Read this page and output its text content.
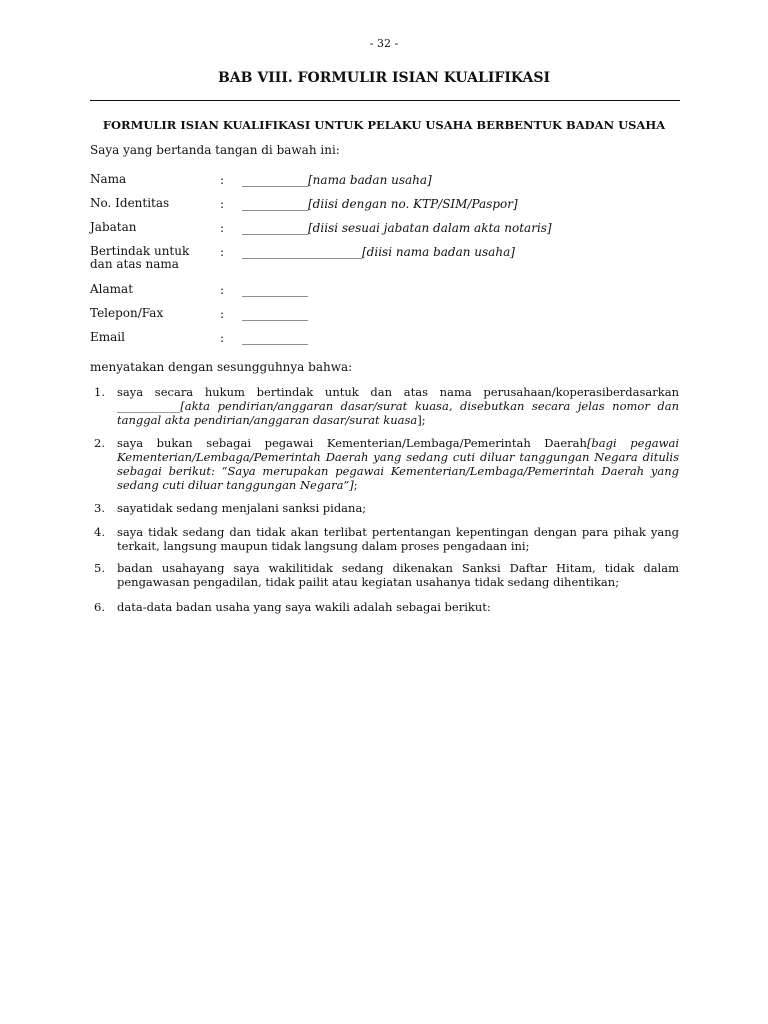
- 32 -
BAB VIII. FORMULIR ISIAN KUALIFIKASI
FORMULIR ISIAN KUALIFIKASI UNTUK PELAKU USAHA BERBENTUK BADAN USAHA
Saya yang bertanda tangan di bawah ini:
Nama	: ___________[nama badan usaha]
No. Identitas	: ___________[diisi dengan no. KTP/SIM/Paspor]
Jabatan	: ___________[diisi sesuai jabatan dalam akta notaris]
Bertindak untuk dan atas nama
: ____________________[diisi nama badan usaha]
Alamat	: ___________
Telepon/Fax	: ___________
Email	: ___________
menyatakan dengan sesungguhnya bahwa:
1. saya secara hukum bertindak untuk dan atas nama perusahaan/koperasiberdasarkan ___________[akta pendirian/anggaran dasar/surat kuasa, disebutkan secara jelas nomor dan tanggal akta pendirian/anggaran dasar/surat kuasa];
2. saya bukan sebagai pegawai Kementerian/Lembaga/Pemerintah Daerah[bagi pegawai Kementerian/Lembaga/Pemerintah Daerah yang sedang cuti diluar tanggungan Negara ditulis sebagai berikut: “Saya merupakan pegawai Kementerian/Lembaga/Pemerintah Daerah yang sedang cuti diluar tanggungan Negara”];
3. sayatidak sedang menjalani sanksi pidana;
4. saya tidak sedang dan tidak akan terlibat pertentangan kepentingan dengan para pihak yang terkait, langsung maupun tidak langsung dalam proses pengadaan ini;
5. badan usahayang saya wakilitidak sedang dikenakan Sanksi Daftar Hitam, tidak dalam pengawasan pengadilan, tidak pailit atau kegiatan usahanya tidak sedang dihentikan;
6. data-data badan usaha yang saya wakili adalah sebagai berikut:
